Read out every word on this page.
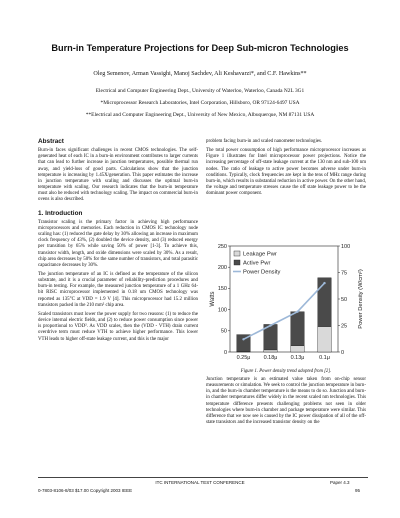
Burn-in Temperature Projections for Deep Sub-micron Technologies
Oleg Semenov, Arman Vassighi, Manoj Sachdev, Ali Keshavarzi*, and C.F. Hawkins**
Electrical and Computer Engineering Dept., University of Waterloo, Waterloo, Canada N2L 3G1
*Microprocessor Research Laboratories, Intel Corporation, Hillsboro, OR 97124-6497 USA
**Electrical and Computer Engineering Dept., University of New Mexico, Albuquerque, NM 87131 USA
Abstract

Burn-in faces significant challenges in recent CMOS technologies. The self-generated heat of each IC in a burn-in environment contributes to larger currents that can lead to further increase in junction temperatures, possible thermal run away, and yield-loss of good parts. Calculations show that the junction temperature is increasing by 1.45X/generation. This paper estimates the increase in junction temperature with scaling and discusses the optimal burn-in temperature with scaling. Our research indicates that the burn-in temperature must also be reduced with technology scaling. The impact on commercial burn-in ovens is also described.

1. Introduction

Transistor scaling is the primary factor in achieving high performance microprocessors and memories. Each reduction in CMOS IC technology node scaling has: (1) reduced the gate delay by 30% allowing an increase in maximum clock frequency of 43%, (2) doubled the device density, and (3) reduced energy per transition by 65% while saving 50% of power [1-3]. To achieve this, transistor width, length, and oxide dimensions were scaled by 30%. As a result, chip area decreases by 50% for the same number of transistors, and total parasitic capacitance decreases by 30%.

The junction temperature of an IC is defined as the temperature of the silicon substrate, and it is a crucial parameter of reliability-prediction procedures and burn-in testing. For example, the measured junction temperature of a 1 GHz 64-bit RISC microprocessor implemented in 0.18 um CMOS technology was reported as 135°C at VDD = 1.9 V [4]. This microprocessor had 15.2 million transistors packed in the 210 mm² chip area.

Scaled transistors must lower the power supply for two reasons: (1) to reduce the device internal electric fields, and (2) to reduce power consumption since power is proportional to VDD². As VDD scales, then the (VDD - VTH) drain current overdrive term must reduce VTH to achieve higher performance. This lower VTH leads to higher off-state leakage current, and this is the major

problem facing burn-in and scaled nanometer technologies.

The total power consumption of high performance microprocessor increases as Figure 1 illustrates for Intel microprocessor power projections. Notice the increasing percentage of off-state leakage current at the 130 nm and sub-100 nm nodes. The ratio of leakage to active power becomes adverse under burn-in conditions. Typically, clock frequencies are kept in the tens of MHz range during burn-in, which results in substantial reduction in active power. On the other hand, the voltage and temperature stresses cause the off state leakage power to be the dominant power component.

0
50
100
150
200
250
0
25
50
75
100
0.25μ 0.18μ 0.13μ	0.1μ
Leakage Pwr
Active Pwr
Power Density
Watts	Power Density (W/cm²)
Figure 1. Power density trend adopted from [2].

Junction temperature is an estimated value taken from on-chip sensor measurements or simulation. We seek to control the junction temperature in burn-in, and the burn-in chamber temperature is the means to do so. Junction and burn-in chamber temperatures differ widely in the recent scaled nm technologies. This temperature difference presents challenging problems not seen in older technologies where burn-in chamber and package temperature were similar. This difference that we now see is caused by the IC power dissipation of all of the off-state transistors and the increased transistor density on the

ITC INTERNATIONAL TEST CONFERENCE	Paper 4.3
0-7803-8106-8/03 $17.00 Copyright 2003 IEEE	95
